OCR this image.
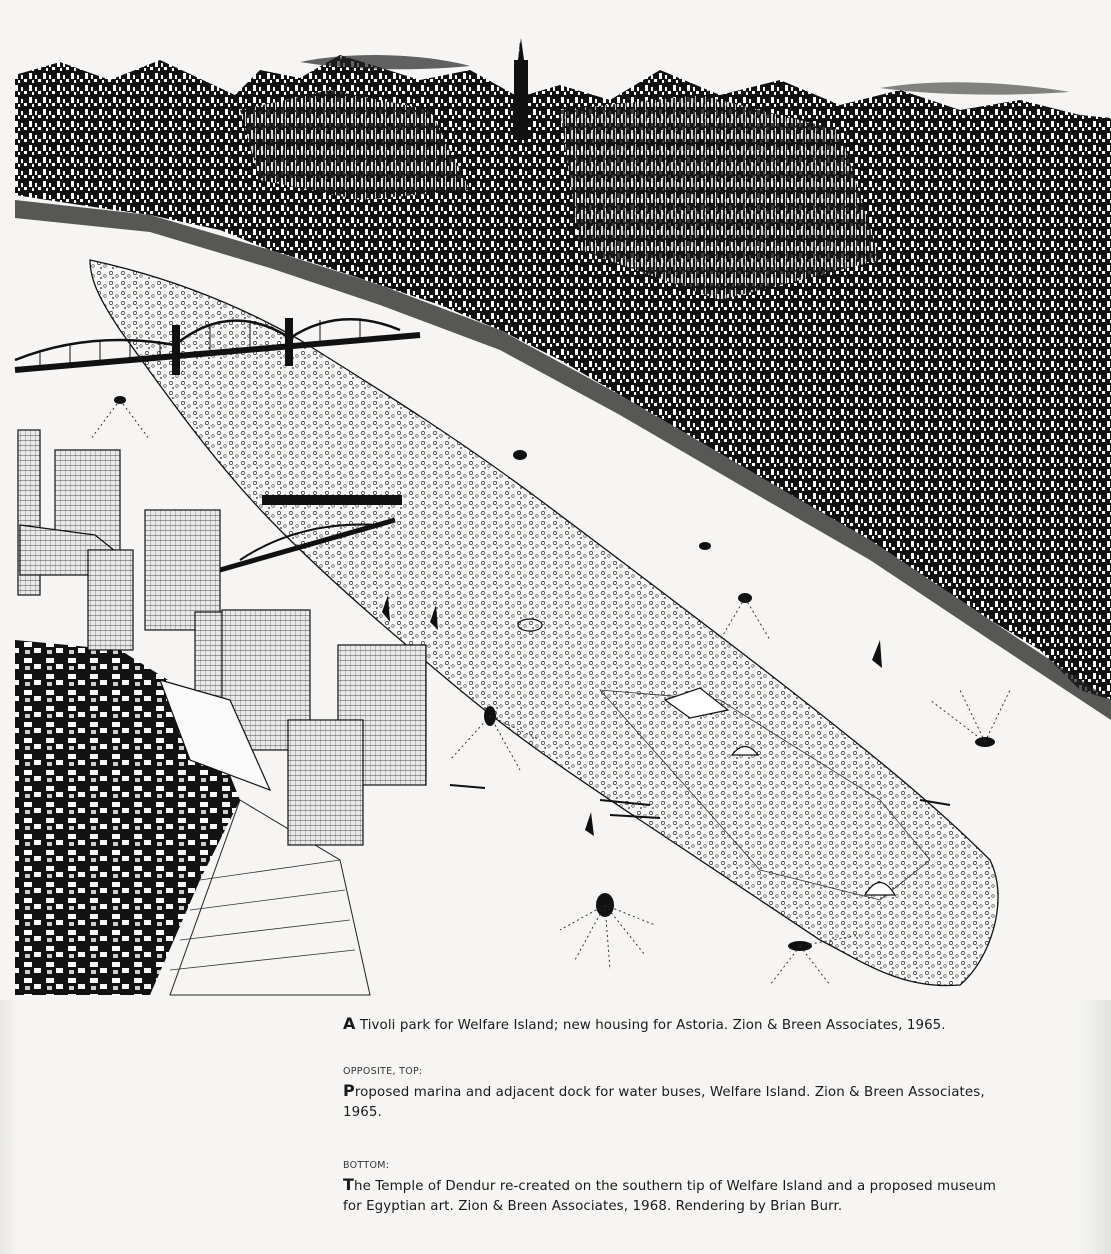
A Tivoli park for Welfare Island; new housing for Astoria. Zion & Breen Associates, 1965.

OPPOSITE, TOP:

Proposed marina and adjacent dock for water buses, Welfare Island. Zion & Breen Associates,
1965.

BOTTOM:

The Temple of Dendur re-created on the southern tip of Welfare Island and a proposed museum
for Egyptian art. Zion & Breen Associates, 1968. Rendering by Brian Burr.
